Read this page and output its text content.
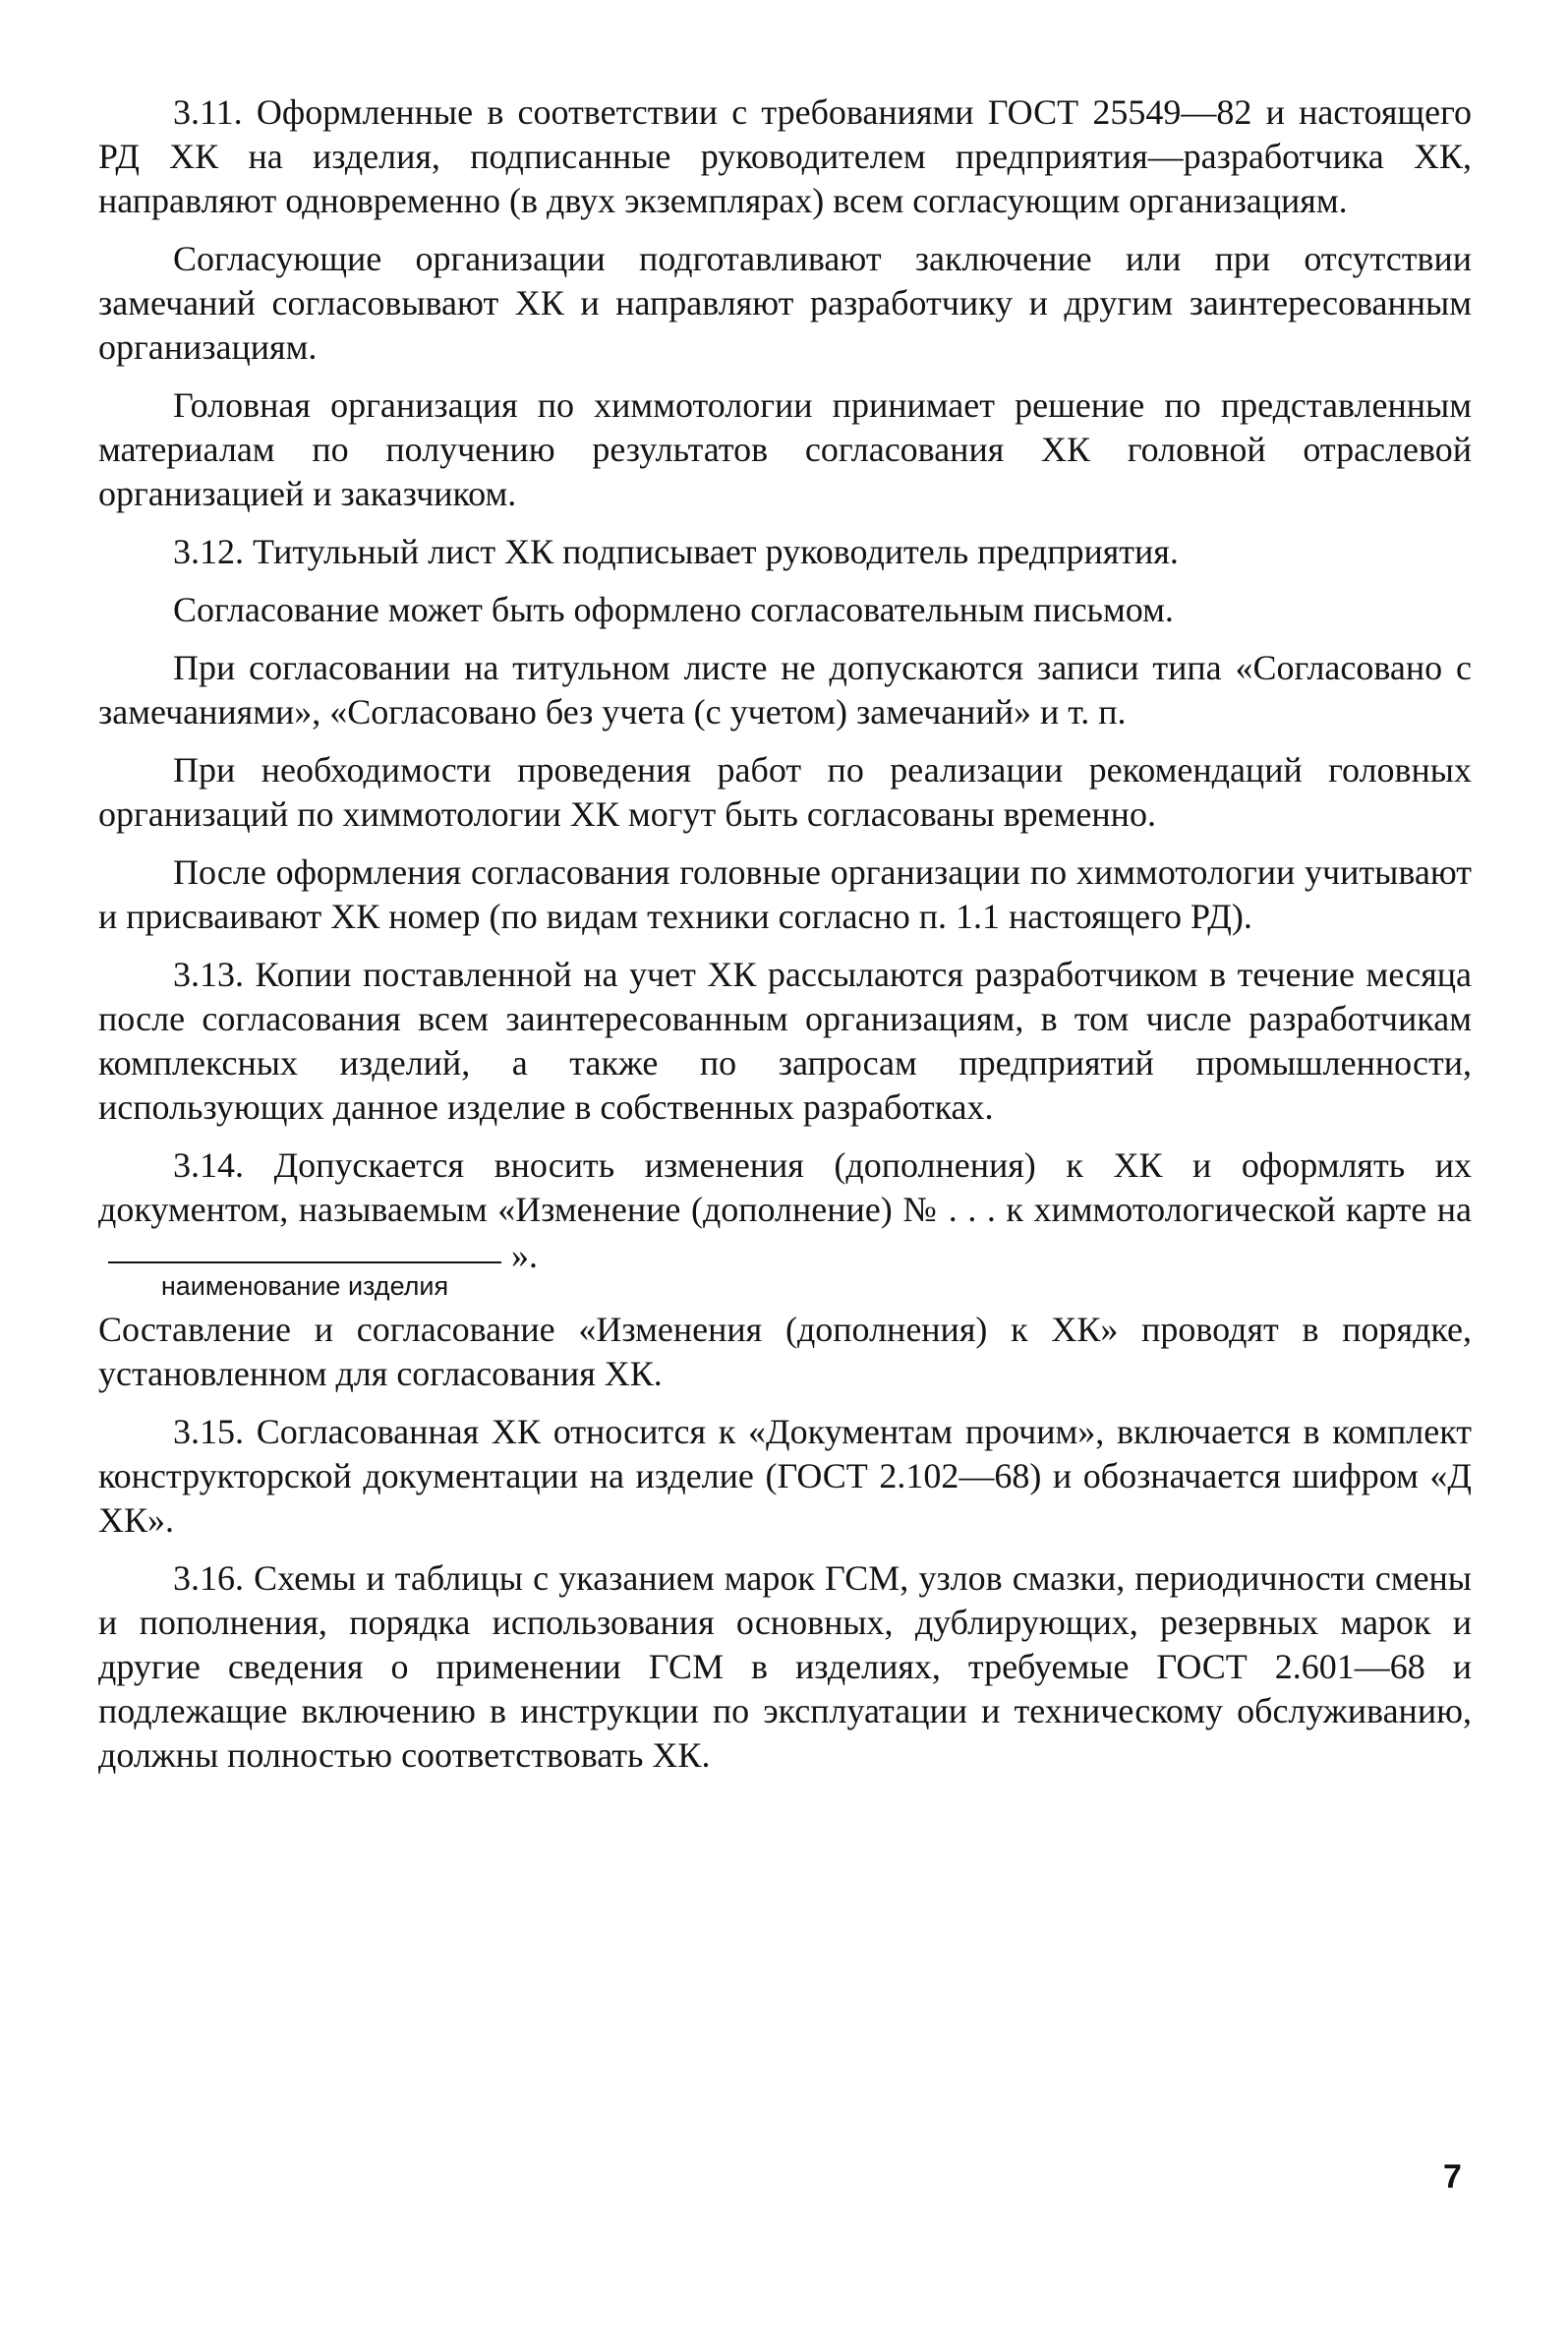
3.11. Оформленные в соответствии с требованиями ГОСТ 25549—82 и настоящего РД ХК на изделия, подписанные руководителем предприятия—разработчика ХК, направляют одновременно (в двух экземплярах) всем согласующим организациям.

Согласующие организации подготавливают заключение или при отсутствии замечаний согласовывают ХК и направляют разработчику и другим заинтересованным организациям.

Головная организация по химмотологии принимает решение по представленным материалам по получению результатов согласования ХК головной отраслевой организацией и заказчиком.

3.12. Титульный лист ХК подписывает руководитель предприятия.

Согласование может быть оформлено согласовательным письмом.

При согласовании на титульном листе не допускаются записи типа «Согласовано с замечаниями», «Согласовано без учета (с учетом) замечаний» и т. п.

При необходимости проведения работ по реализации рекомендаций головных организаций по химмотологии ХК могут быть согласованы временно.

После оформления согласования головные организации по химмотологии учитывают и присваивают ХК номер (по видам техники согласно п. 1.1 настоящего РД).

3.13. Копии поставленной на учет ХК рассылаются разработчиком в течение месяца после согласования всем заинтересованным организациям, в том числе разработчикам комплексных изделий, а также по запросам предприятий промышленности, использующих данное изделие в собственных разработках.

3.14. Допускается вносить изменения (дополнения) к ХК и оформлять их документом, называемым «Изменение (дополнение) № . . . к химмотологической карте на
наименование изделия
».

Составление и согласование «Изменения (дополнения) к ХК» проводят в порядке, установленном для согласования ХК.

3.15. Согласованная ХК относится к «Документам прочим», включается в комплект конструкторской документации на изделие (ГОСТ 2.102—68) и обозначается шифром «Д ХК».

3.16. Схемы и таблицы с указанием марок ГСМ, узлов смазки, периодичности смены и пополнения, порядка использования основных, дублирующих, резервных марок и другие сведения о применении ГСМ в изделиях, требуемые ГОСТ 2.601—68 и подлежащие включению в инструкции по эксплуатации и техническому обслуживанию, должны полностью соответствовать ХК.

7
